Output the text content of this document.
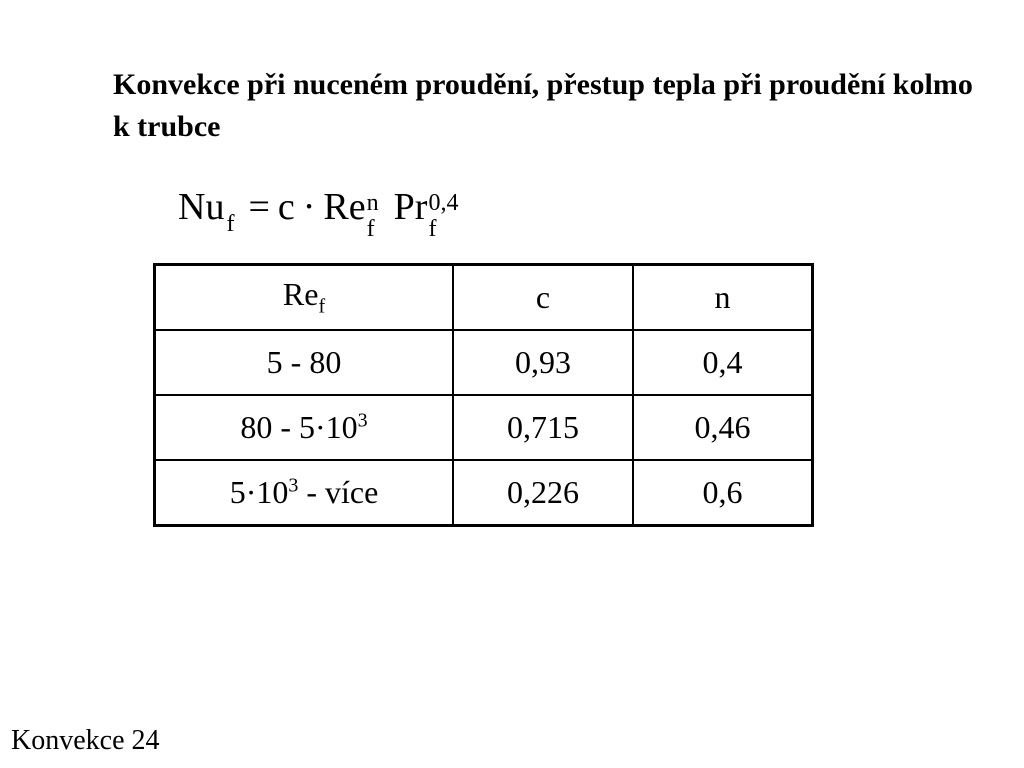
Konvekce při nuceném proudění, přestup tepla při proudění kolmo k trubce
$Nu_f = c \cdot Re$ n
f
Pr 0,4
f
$Re_f$	c	n
5 - 80	0,93	0,4
$80 - 5\cdot 10^3$	0,715	0,46
$5\cdot 10^3$ - více	0,226	0,6

Konvekce 24
